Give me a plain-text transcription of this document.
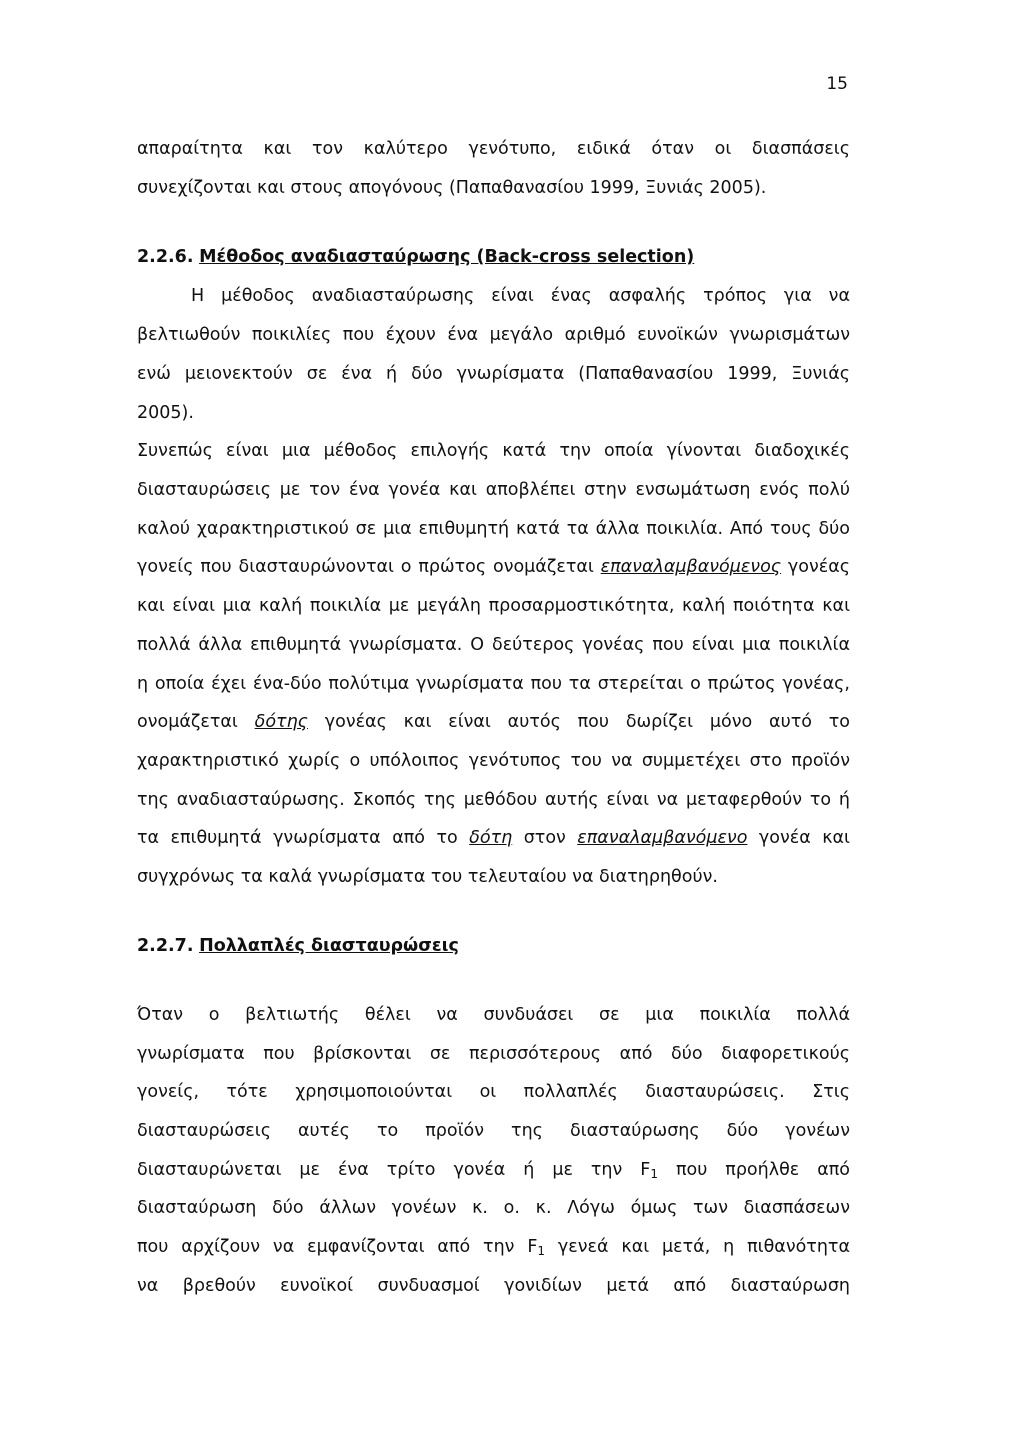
15
απαραίτητα και τον καλύτερο γενότυπο, ειδικά όταν οι διασπάσεις
συνεχίζονται και στους απογόνους (Παπαθανασίου 1999, Ξυνιάς 2005).
2.2.6. Μέθοδος αναδιασταύρωσης (Back-cross selection)
Η μέθοδος αναδιασταύρωσης είναι ένας ασφαλής τρόπος για να
βελτιωθούν ποικιλίες που έχουν ένα μεγάλο αριθμό ευνοϊκών γνωρισμάτων
ενώ μειονεκτούν σε ένα ή δύο γνωρίσματα (Παπαθανασίου 1999, Ξυνιάς
2005).
Συνεπώς είναι μια μέθοδος επιλογής κατά την οποία γίνονται διαδοχικές
διασταυρώσεις με τον ένα γονέα και αποβλέπει στην ενσωμάτωση ενός πολύ
καλού χαρακτηριστικού σε μια επιθυμητή κατά τα άλλα ποικιλία. Από τους δύο
γονείς που διασταυρώνονται ο πρώτος ονομάζεται επαναλαμβανόμενος γονέας
και είναι μια καλή ποικιλία με μεγάλη προσαρμοστικότητα, καλή ποιότητα και
πολλά άλλα επιθυμητά γνωρίσματα. Ο δεύτερος γονέας που είναι μια ποικιλία
η οποία έχει ένα-δύο πολύτιμα γνωρίσματα που τα στερείται ο πρώτος γονέας,
ονομάζεται δότης γονέας και είναι αυτός που δωρίζει μόνο αυτό το
χαρακτηριστικό χωρίς ο υπόλοιπος γενότυπος του να συμμετέχει στο προϊόν
της αναδιασταύρωσης. Σκοπός της μεθόδου αυτής είναι να μεταφερθούν το ή
τα επιθυμητά γνωρίσματα από το δότη στον επαναλαμβανόμενο γονέα και
συγχρόνως τα καλά γνωρίσματα του τελευταίου να διατηρηθούν.
2.2.7. Πολλαπλές διασταυρώσεις
Όταν ο βελτιωτής θέλει να συνδυάσει σε μια ποικιλία πολλά
γνωρίσματα που βρίσκονται σε περισσότερους από δύο διαφορετικούς
γονείς, τότε χρησιμοποιούνται οι πολλαπλές διασταυρώσεις. Στις
διασταυρώσεις αυτές το προϊόν της διασταύρωσης δύο γονέων
διασταυρώνεται με ένα τρίτο γονέα ή με την $F_1$ που προήλθε από
διασταύρωση δύο άλλων γονέων κ. ο. κ. Λόγω όμως των διασπάσεων
που αρχίζουν να εμφανίζονται από την $F_1$ γενεά και μετά, η πιθανότητα
να βρεθούν ευνοϊκοί συνδυασμοί γονιδίων μετά από διασταύρωση
